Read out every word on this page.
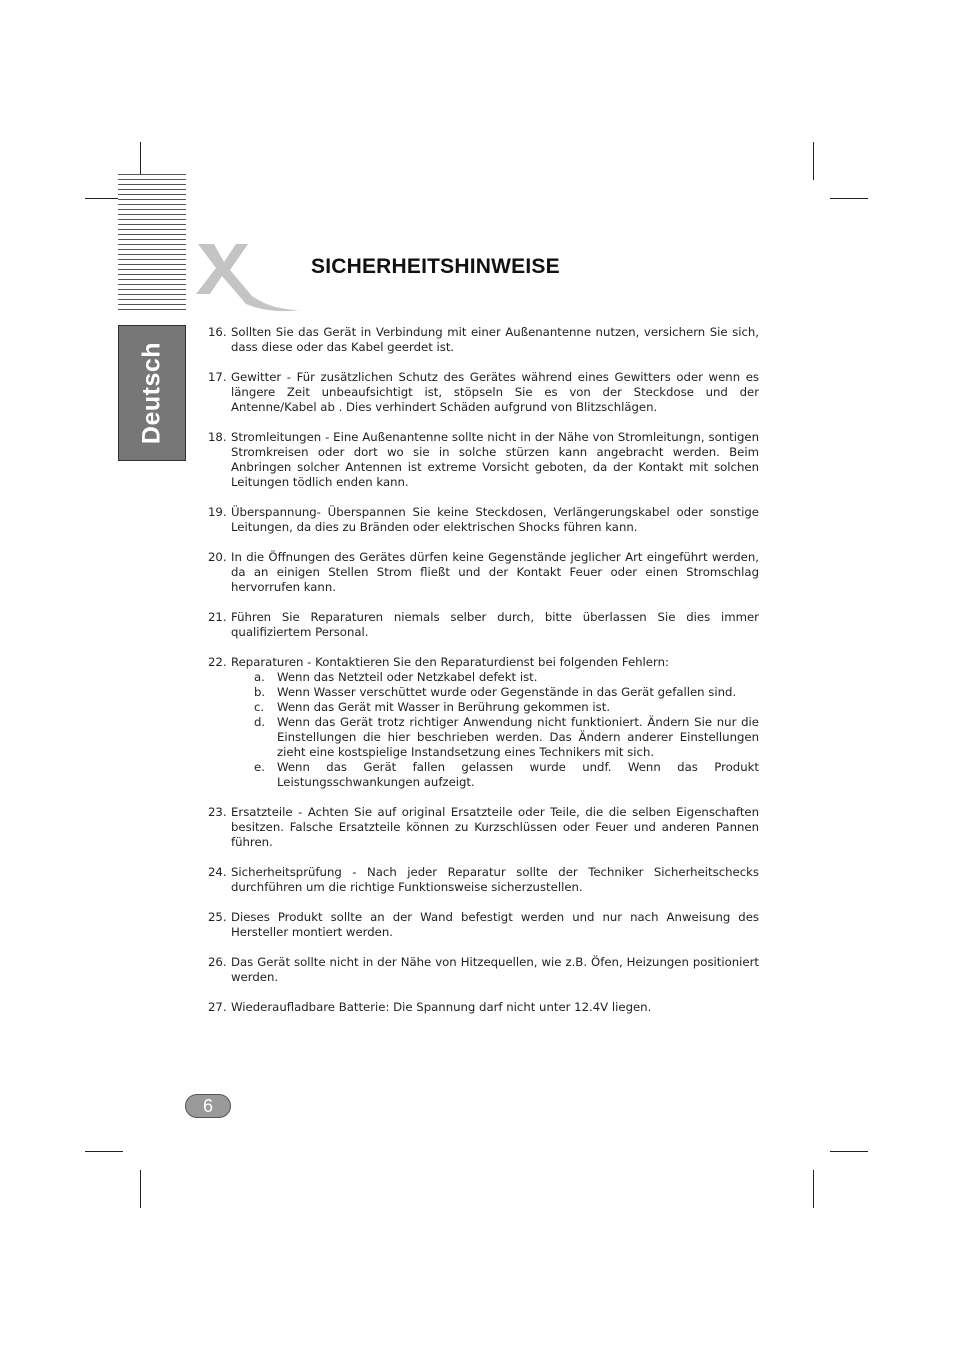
Deutsch
SICHERHEITSHINWEISE
16. Sollten Sie das Gerät in Verbindung mit einer Außenantenne nutzen, versichern Sie sich, dass diese oder das Kabel geerdet ist.
17. Gewitter - Für zusätzlichen Schutz des Gerätes während eines Gewitters oder wenn es längere Zeit unbeaufsichtigt ist, stöpseln Sie es von der Steckdose und der Antenne/Kabel ab . Dies verhindert Schäden aufgrund von Blitzschlägen.
18. Stromleitungen - Eine Außenantenne sollte nicht in der Nähe von Stromleitungn, sontigen Stromkreisen oder dort wo sie in solche stürzen kann angebracht werden. Beim Anbringen solcher Antennen ist extreme Vorsicht geboten, da der Kontakt mit solchen Leitungen tödlich enden kann.
19. Überspannung- Überspannen Sie keine Steckdosen, Verlängerungskabel oder sonstige Leitungen, da dies zu Bränden oder elektrischen Shocks führen kann.
20. In die Öffnungen des Gerätes dürfen keine Gegenstände jeglicher Art eingeführt werden, da an einigen Stellen Strom fließt und der Kontakt Feuer oder einen Stromschlag hervorrufen kann.
21. Führen Sie Reparaturen niemals selber durch, bitte überlassen Sie dies immer qualifiziertem Personal.
22. Reparaturen - Kontaktieren Sie den Reparaturdienst bei folgenden Fehlern:
a. Wenn das Netzteil oder Netzkabel defekt ist.
b. Wenn Wasser verschüttet wurde oder Gegenstände in das Gerät gefallen sind.
c. Wenn das Gerät mit Wasser in Berührung gekommen ist.
d. Wenn das Gerät trotz richtiger Anwendung nicht funktioniert. Ändern Sie nur die Einstellungen die hier beschrieben werden. Das Ändern anderer Einstellungen zieht eine kostspielige Instandsetzung eines Technikers mit sich.
e. Wenn das Gerät fallen gelassen wurde undf. Wenn das Produkt Leistungsschwankungen aufzeigt.
23. Ersatzteile - Achten Sie auf original Ersatzteile oder Teile, die die selben Eigenschaften besitzen. Falsche Ersatzteile können zu Kurzschlüssen oder Feuer und anderen Pannen führen.
24. Sicherheitsprüfung - Nach jeder Reparatur sollte der Techniker Sicherheitschecks durchführen um die richtige Funktionsweise sicherzustellen.
25. Dieses Produkt sollte an der Wand befestigt werden und nur nach Anweisung des Hersteller montiert werden.
26. Das Gerät sollte nicht in der Nähe von Hitzequellen, wie z.B. Öfen, Heizungen positioniert werden.
27. Wiederaufladbare Batterie: Die Spannung darf nicht unter 12.4V liegen.
6
